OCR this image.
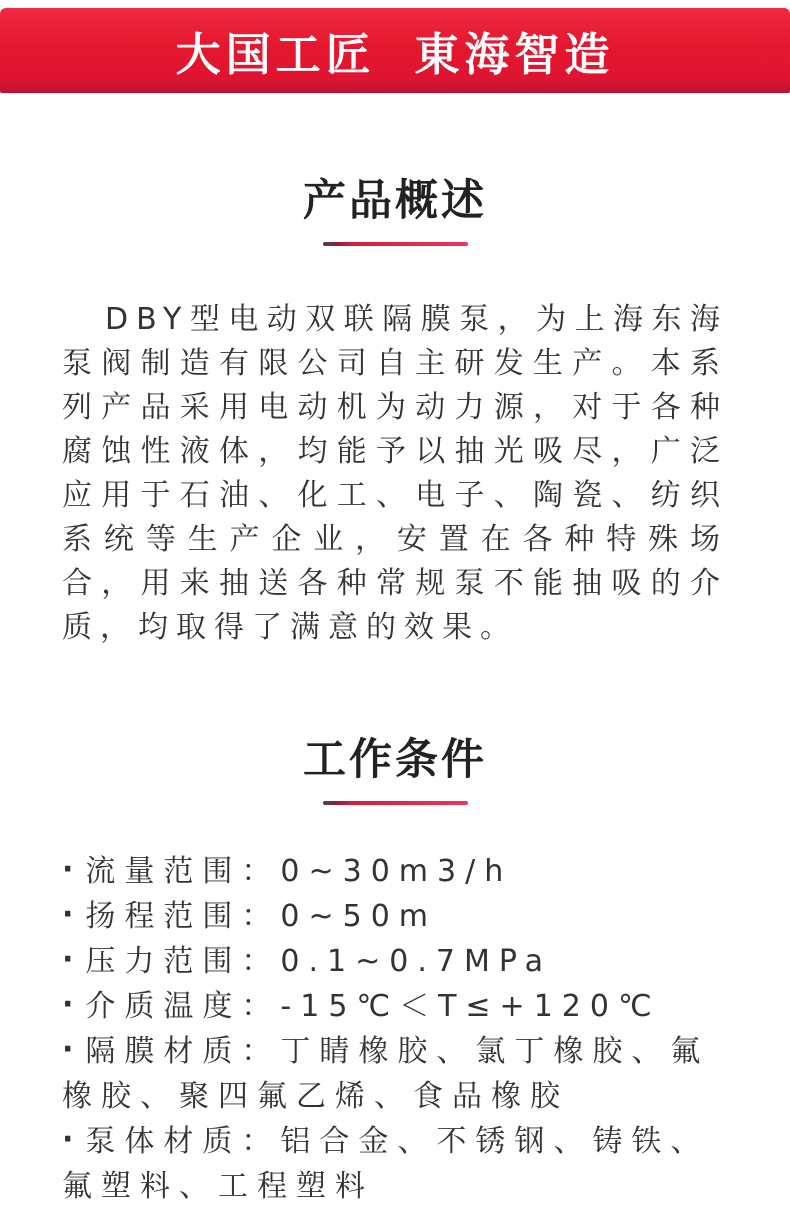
大国工匠 東海智造
产品概述

DBY型电动双联隔膜泵，为上海东海泵阀制造有限公司自主研发生产。本系列产品采用电动机为动力源，对于各种腐蚀性液体，均能予以抽光吸尽，广泛应用于石油、化工、电子、陶瓷、纺织系统等生产企业，安置在各种特殊场合，用来抽送各种常规泵不能抽吸的介质，均取得了满意的效果。

工作条件
· 流量范围：0~30m3/h
· 扬程范围：0~50m
· 压力范围：0.1~0.7MPa
· 介质温度：-15℃＜T≤+120℃
· 隔膜材质：丁睛橡胶、氯丁橡胶、氟橡胶、聚四氟乙烯、食品橡胶
· 泵体材质：铝合金、不锈钢、铸铁、氟塑料、工程塑料
